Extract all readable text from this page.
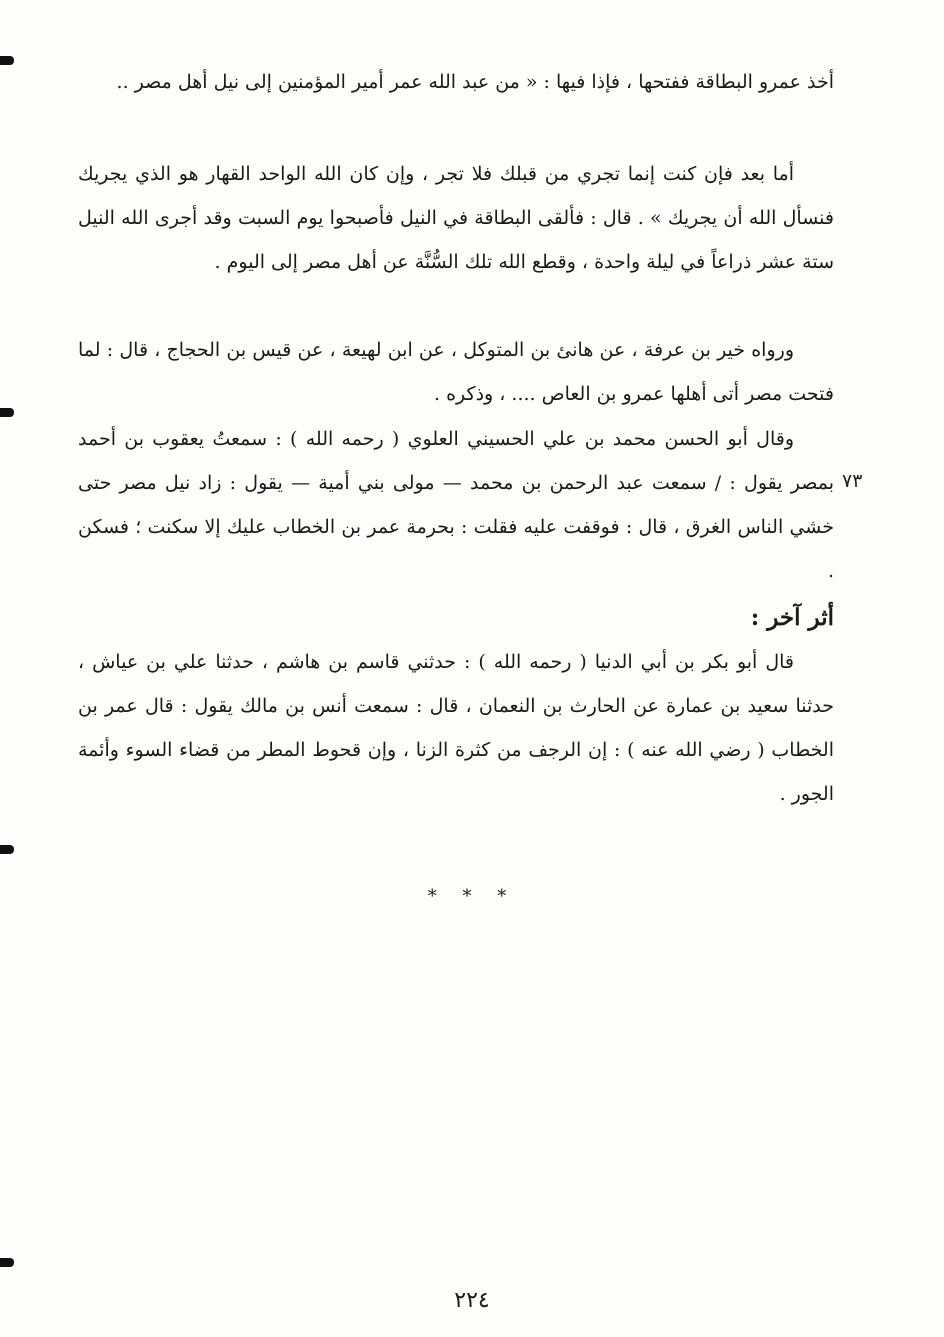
أخذ عمرو البطاقة ففتحها ، فإذا فيها : « من عبد الله عمر أمير المؤمنين إلى نيل أهل مصر ..

أما بعد فإن كنت إنما تجري من قبلك فلا تجر ، وإن كان الله الواحد القهار هو الذي يجريك فنسأل الله أن يجريك » . قال : فألقى البطاقة في النيل فأصبحوا يوم السبت وقد أجرى الله النيل ستة عشر ذراعاً في ليلة واحدة ، وقطع الله تلك السُّنَّة عن أهل مصر إلى اليوم .

ورواه خير بن عرفة ، عن هانئ بن المتوكل ، عن ابن لهيعة ، عن قيس بن الحجاج ، قال : لما فتحت مصر أتى أهلها عمرو بن العاص .... ، وذكره .

وقال أبو الحسن محمد بن علي الحسيني العلوي ( رحمه الله ) : سمعتُ يعقوب بن أحمد بمصر يقول : / سمعت عبد الرحمن بن محمد — مولى بني أمية — يقول : زاد نيل مصر حتى خشي الناس الغرق ، قال : فوقفت عليه فقلت : بحرمة عمر بن الخطاب عليك إلا سكنت ؛ فسكن .

٧٣
أثر آخر :

قال أبو بكر بن أبي الدنيا ( رحمه الله ) : حدثني قاسم بن هاشم ، حدثنا علي بن عياش ، حدثنا سعيد بن عمارة عن الحارث بن النعمان ، قال : سمعت أنس بن مالك يقول : قال عمر بن الخطاب ( رضي الله عنه ) : إن الرجف من كثرة الزنا ، وإن قحوط المطر من قضاء السوء وأئمة الجور .

* * *
٢٢٤
